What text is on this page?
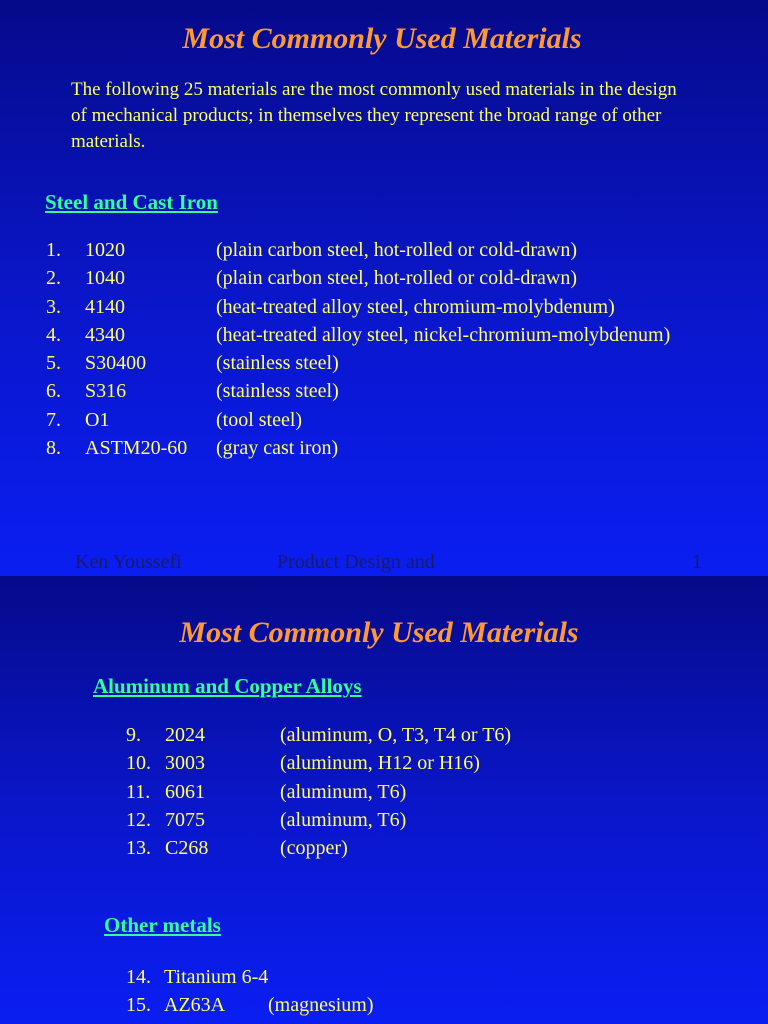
Most Commonly Used Materials

The following 25 materials are the most commonly used materials in the design of mechanical products; in themselves they represent the broad range of other materials.

Steel and Cast Iron
1. 1020	(plain carbon steel, hot-rolled or cold-drawn)
2. 1040	(plain carbon steel, hot-rolled or cold-drawn)
3. 4140	(heat-treated alloy steel, chromium-molybdenum)
4. 4340	(heat-treated alloy steel, nickel-chromium-molybdenum)
5. S30400	(stainless steel)
6. S316	(stainless steel)
7. O1	(tool steel)
8. ASTM20-60 (gray cast iron)
Ken Youssefi	Product Design and	1
Most Commonly Used Materials
Aluminum and Copper Alloys
9. 2024	(aluminum, O, T3, T4 or T6)
10. 3003	(aluminum, H12 or H16)
11. 6061	(aluminum, T6)
12. 7075	(aluminum, T6)
13. C268	(copper)
Other metals
14. Titanium 6-4
15. AZ63A (magnesium)
